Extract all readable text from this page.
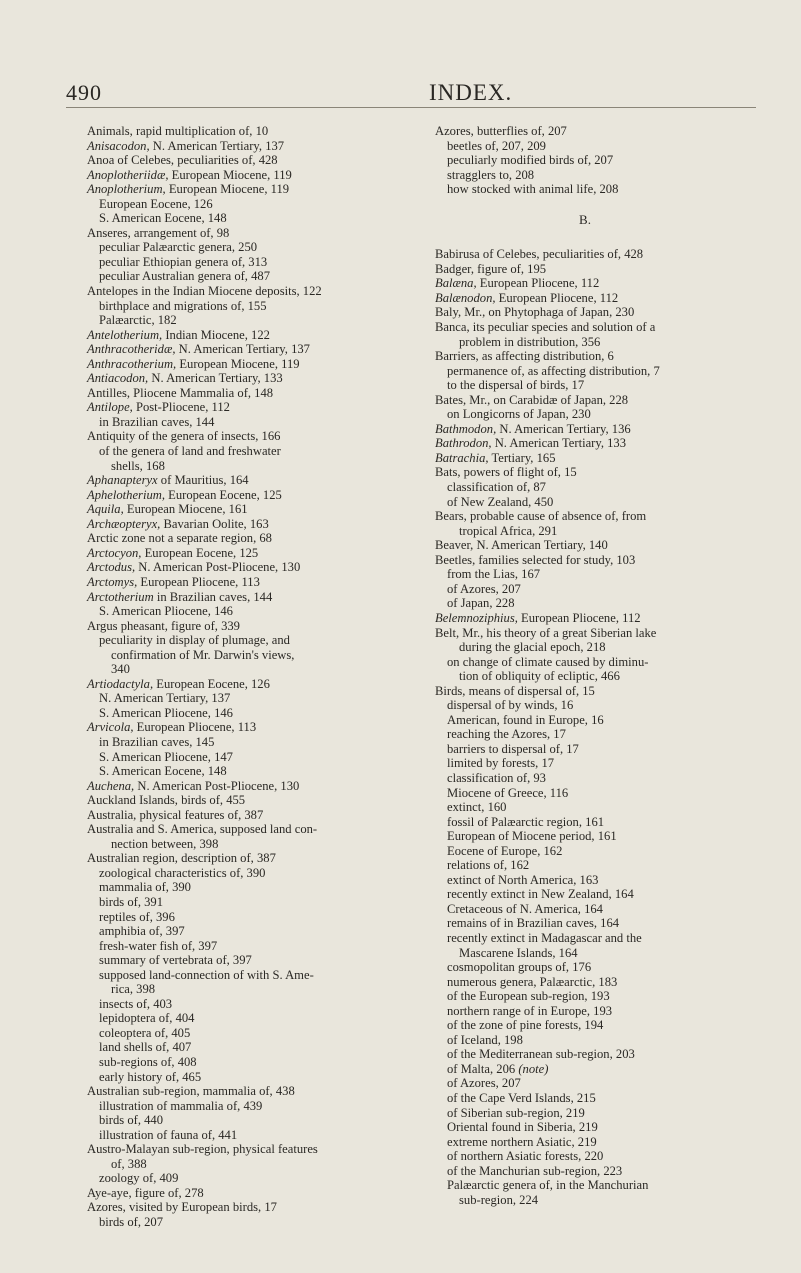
490	INDEX.
Animals, rapid multiplication of, 10
Anisacodon, N. American Tertiary, 137
Anoa of Celebes, peculiarities of, 428
Anoplotheriidæ, European Miocene, 119
Anoplotherium, European Miocene, 119
European Eocene, 126
S. American Eocene, 148
Anseres, arrangement of, 98
peculiar Palæarctic genera, 250
peculiar Ethiopian genera of, 313
peculiar Australian genera of, 487
Antelopes in the Indian Miocene deposits, 122
birthplace and migrations of, 155
Palæarctic, 182
Antelotherium, Indian Miocene, 122
Anthracotheridæ, N. American Tertiary, 137
Anthracotherium, European Miocene, 119
Antiacodon, N. American Tertiary, 133
Antilles, Pliocene Mammalia of, 148
Antilope, Post-Pliocene, 112
in Brazilian caves, 144
Antiquity of the genera of insects, 166
of the genera of land and freshwater
shells, 168
Aphanapteryx of Mauritius, 164
Aphelotherium, European Eocene, 125
Aquila, European Miocene, 161
Archæopteryx, Bavarian Oolite, 163
Arctic zone not a separate region, 68
Arctocyon, European Eocene, 125
Arctodus, N. American Post-Pliocene, 130
Arctomys, European Pliocene, 113
Arctotherium in Brazilian caves, 144
S. American Pliocene, 146
Argus pheasant, figure of, 339
peculiarity in display of plumage, and
confirmation of Mr. Darwin's views,
340
Artiodactyla, European Eocene, 126
N. American Tertiary, 137
S. American Pliocene, 146
Arvicola, European Pliocene, 113
in Brazilian caves, 145
S. American Pliocene, 147
S. American Eocene, 148
Auchena, N. American Post-Pliocene, 130
Auckland Islands, birds of, 455
Australia, physical features of, 387
Australia and S. America, supposed land con-
nection between, 398
Australian region, description of, 387
zoological characteristics of, 390
mammalia of, 390
birds of, 391
reptiles of, 396
amphibia of, 397
fresh-water fish of, 397
summary of vertebrata of, 397
supposed land-connection of with S. Ame-
rica, 398
insects of, 403
lepidoptera of, 404
coleoptera of, 405
land shells of, 407
sub-regions of, 408
early history of, 465
Australian sub-region, mammalia of, 438
illustration of mammalia of, 439
birds of, 440
illustration of fauna of, 441
Austro-Malayan sub-region, physical features
of, 388
zoology of, 409
Aye-aye, figure of, 278
Azores, visited by European birds, 17
birds of, 207
Azores, butterflies of, 207
beetles of, 207, 209
peculiarly modified birds of, 207
stragglers to, 208
how stocked with animal life, 208
B.
Babirusa of Celebes, peculiarities of, 428
Badger, figure of, 195
Balæna, European Pliocene, 112
Balænodon, European Pliocene, 112
Baly, Mr., on Phytophaga of Japan, 230
Banca, its peculiar species and solution of a
problem in distribution, 356
Barriers, as affecting distribution, 6
permanence of, as affecting distribution, 7
to the dispersal of birds, 17
Bates, Mr., on Carabidæ of Japan, 228
on Longicorns of Japan, 230
Bathmodon, N. American Tertiary, 136
Bathrodon, N. American Tertiary, 133
Batrachia, Tertiary, 165
Bats, powers of flight of, 15
classification of, 87
of New Zealand, 450
Bears, probable cause of absence of, from
tropical Africa, 291
Beaver, N. American Tertiary, 140
Beetles, families selected for study, 103
from the Lias, 167
of Azores, 207
of Japan, 228
Belemnoziphius, European Pliocene, 112
Belt, Mr., his theory of a great Siberian lake
during the glacial epoch, 218
on change of climate caused by diminu-
tion of obliquity of ecliptic, 466
Birds, means of dispersal of, 15
dispersal of by winds, 16
American, found in Europe, 16
reaching the Azores, 17
barriers to dispersal of, 17
limited by forests, 17
classification of, 93
Miocene of Greece, 116
extinct, 160
fossil of Palæarctic region, 161
European of Miocene period, 161
Eocene of Europe, 162
relations of, 162
extinct of North America, 163
recently extinct in New Zealand, 164
Cretaceous of N. America, 164
remains of in Brazilian caves, 164
recently extinct in Madagascar and the
Mascarene Islands, 164
cosmopolitan groups of, 176
numerous genera, Palæarctic, 183
of the European sub-region, 193
northern range of in Europe, 193
of the zone of pine forests, 194
of Iceland, 198
of the Mediterranean sub-region, 203
of Malta, 206 (note)
of Azores, 207
of the Cape Verd Islands, 215
of Siberian sub-region, 219
Oriental found in Siberia, 219
extreme northern Asiatic, 219
of northern Asiatic forests, 220
of the Manchurian sub-region, 223
Palæarctic genera of, in the Manchurian
sub-region, 224
